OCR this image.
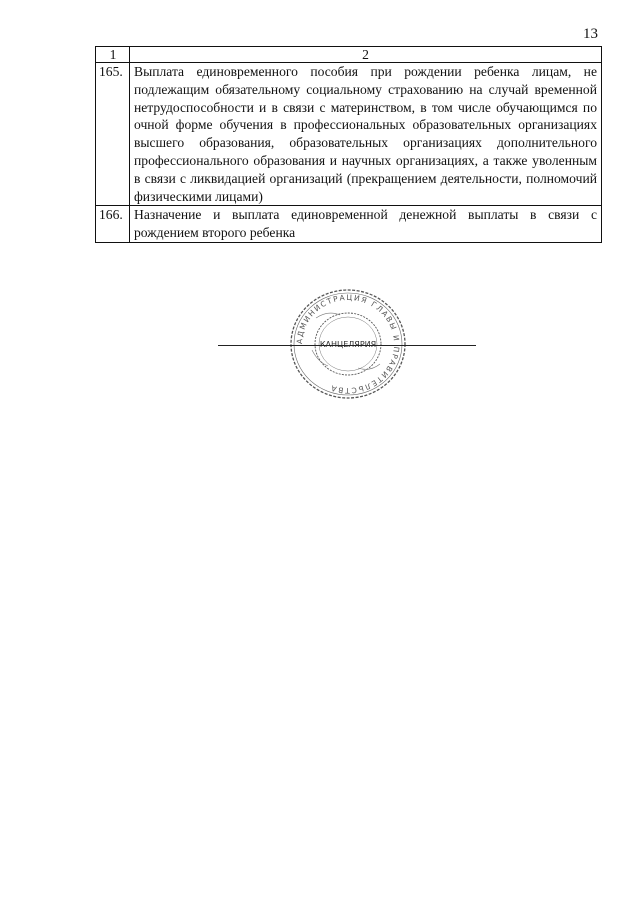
13
1	2
165.	Выплата единовременного пособия при рождении ребенка лицам, не подлежащим обязательному социальному страхованию на случай временной нетрудоспособности и в связи с материнством, в том числе обучающимся по очной форме обучения в профессиональных образовательных организациях высшего образования, образовательных организациях дополнительного профессионального образования и научных организациях, а также уволенным в связи с ликвидацией организаций (прекращением деятельности, полномочий физическими лицами)
166.	Назначение и выплата единовременной денежной выплаты в связи с рождением второго ребенка
АДМИНИСТРАЦИЯ ГЛАВЫ И ПРАВИТЕЛЬСТВА
КАНЦЕЛЯРИЯ
